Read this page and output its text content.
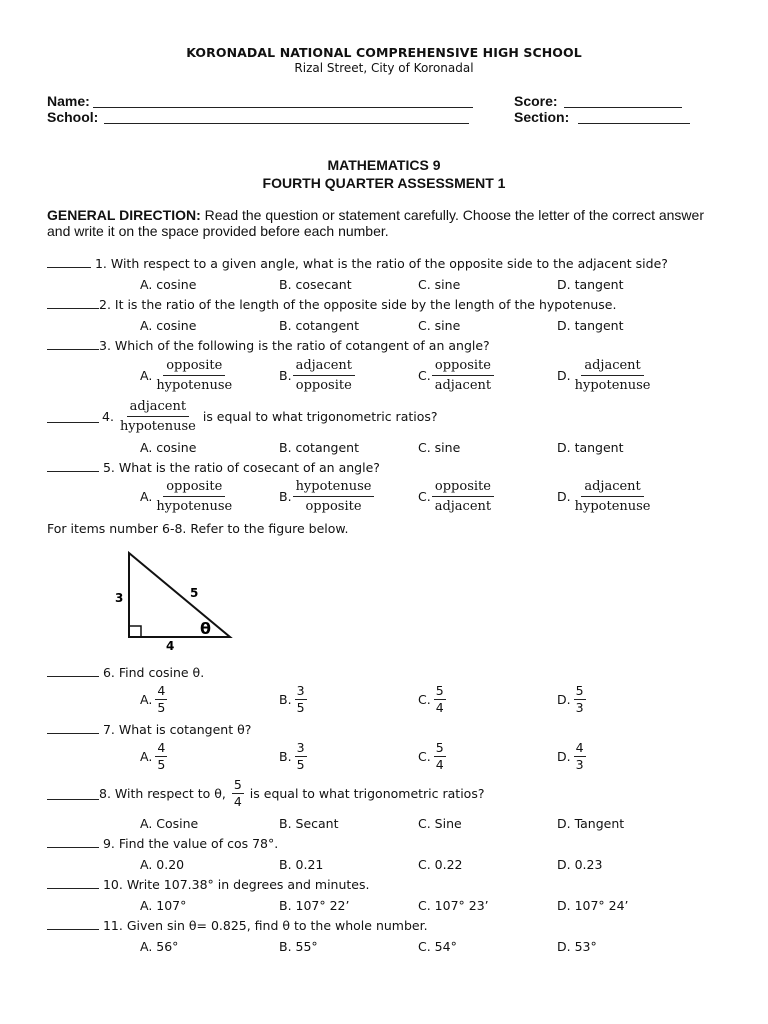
KORONADAL NATIONAL COMPREHENSIVE HIGH SCHOOL
Rizal Street, City of Koronadal
Name:
School:
Score:
Section:
MATHEMATICS 9
FOURTH QUARTER ASSESSMENT 1
GENERAL DIRECTION: Read the question or statement carefully. Choose the letter of the correct answer and write it on the space provided before each number.
1. With respect to a given angle, what is the ratio of the opposite side to the adjacent side?
A. cosine	B. cosecant	C. sine	D. tangent
2. It is the ratio of the length of the opposite side by the length of the hypotenuse.
A. cosine	B. cotangent	C. sine	D. tangent
3. Which of the following is the ratio of cotangent of an angle?
A. $\frac{\text{opposite}}{\text{hypotenuse}}$	B. $\frac{\text{adjacent}}{\text{opposite}}$	C. $\frac{\text{opposite}}{\text{adjacent}}$	D. $\frac{\text{adjacent}}{\text{hypotenuse}}$
4. $\frac{\text{adjacent}}{\text{hypotenuse}}$ is equal to what trigonometric ratios?
A. cosine	B. cotangent	C. sine	D. tangent
5. What is the ratio of cosecant of an angle?
A. $\frac{\text{opposite}}{\text{hypotenuse}}$	B. $\frac{\text{hypotenuse}}{\text{opposite}}$	C. $\frac{\text{opposite}}{\text{adjacent}}$	D. $\frac{\text{adjacent}}{\text{hypotenuse}}$
For items number 6-8. Refer to the figure below.
3	5
4
θ
6. Find cosine θ.
A. $\frac{4}{5}$	B. $\frac{3}{5}$	C. $\frac{5}{4}$	D. $\frac{5}{3}$
7. What is cotangent θ?
A. $\frac{4}{5}$	B. $\frac{3}{5}$	C. $\frac{5}{4}$	D. $\frac{4}{3}$
8. With respect to θ, $\frac{5}{4}$ is equal to what trigonometric ratios?
A. Cosine	B. Secant	C. Sine	D. Tangent
9. Find the value of cos 78°.
A. 0.20	B. 0.21	C. 0.22	D. 0.23
10. Write 107.38° in degrees and minutes.
A. 107°	B. 107° 22’	C. 107° 23’	D. 107° 24’
11. Given sin θ= 0.825, find θ to the whole number.
A. 56°	B. 55°	C. 54°	D. 53°
